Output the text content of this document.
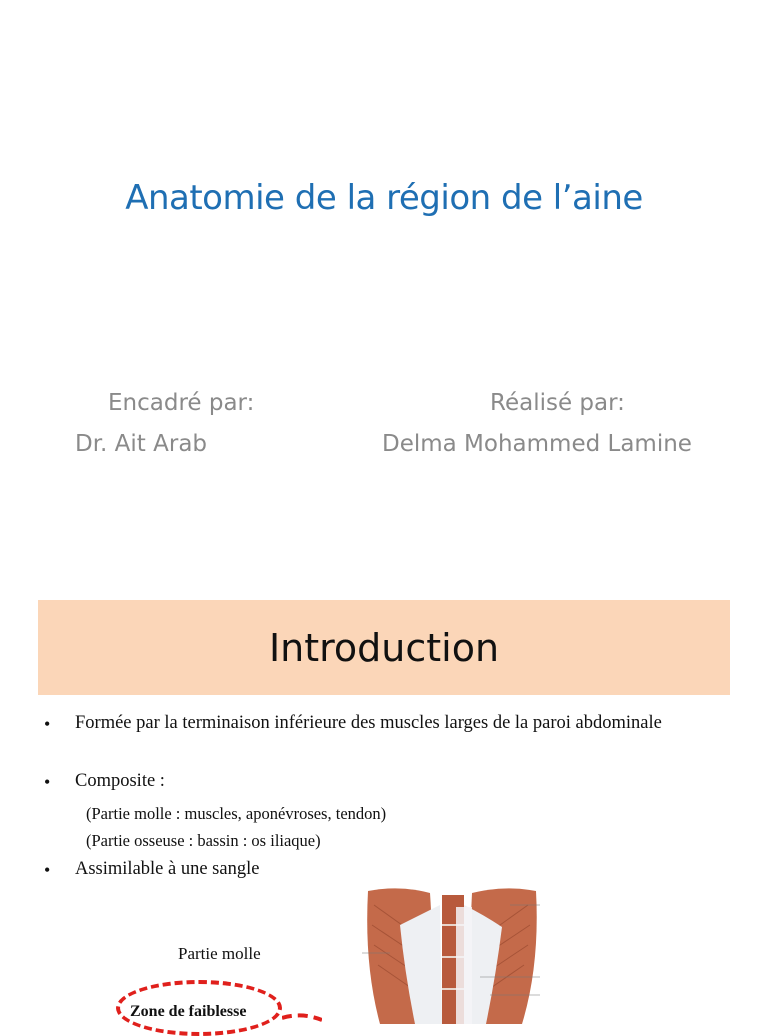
Anatomie de la région de l’aine
Encadré par:
Dr. Ait Arab
Réalisé par:
Delma Mohammed Lamine
Introduction
• Formée par la terminaison inférieure des muscles larges de la paroi abdominale
• Composite :
(Partie molle : muscles, aponévroses, tendon)
(Partie osseuse : bassin : os iliaque)
• Assimilable à une sangle
Partie molle
Zone de faiblesse
